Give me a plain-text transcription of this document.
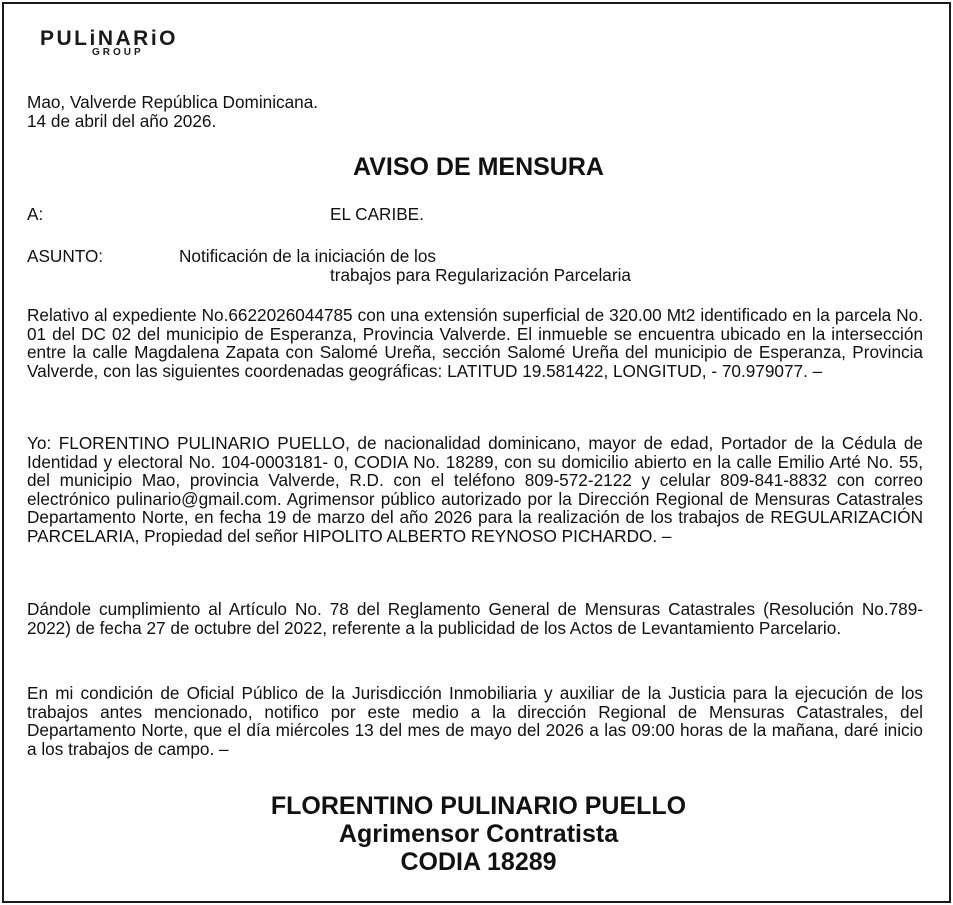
PULiNARiO
GROUP
Mao, Valverde República Dominicana.
14 de abril del año 2026.
AVISO DE MENSURA
A:	EL CARIBE.
ASUNTO:	Notificación de la iniciación de los
trabajos para Regularización Parcelaria
Relativo al expediente No.6622026044785 con una extensión superficial de 320.00 Mt2 identificado en la parcela No. 01 del DC 02 del municipio de Esperanza, Provincia Valverde. El inmueble se encuentra ubicado en la intersección entre la calle Magdalena Zapata con Salomé Ureña, sección Salomé Ureña del municipio de Esperanza, Provincia Valverde, con las siguientes coordenadas geográficas: LATITUD 19.581422, LONGITUD, - 70.979077. –
Yo: FLORENTINO PULINARIO PUELLO, de nacionalidad dominicano, mayor de edad, Portador de la Cédula de Identidad y electoral No. 104-0003181- 0, CODIA No. 18289, con su domicilio abierto en la calle Emilio Arté No. 55, del municipio Mao, provincia Valverde, R.D. con el teléfono 809-572-2122 y celular 809-841-8832 con correo electrónico pulinario@gmail.com. Agrimensor público autorizado por la Dirección Regional de Mensuras Catastrales Departamento Norte, en fecha 19 de marzo del año 2026 para la realización de los trabajos de REGULARIZACIÓN PARCELARIA, Propiedad del señor HIPOLITO ALBERTO REYNOSO PICHARDO. –
Dándole cumplimiento al Artículo No. 78 del Reglamento General de Mensuras Catastrales (Resolución No.789-2022) de fecha 27 de octubre del 2022, referente a la publicidad de los Actos de Levantamiento Parcelario.
En mi condición de Oficial Público de la Jurisdicción Inmobiliaria y auxiliar de la Justicia para la ejecución de los trabajos antes mencionado, notifico por este medio a la dirección Regional de Mensuras Catastrales, del Departamento Norte, que el día miércoles 13 del mes de mayo del 2026 a las 09:00 horas de la mañana, daré inicio a los trabajos de campo. –
FLORENTINO PULINARIO PUELLO
Agrimensor Contratista
CODIA 18289
